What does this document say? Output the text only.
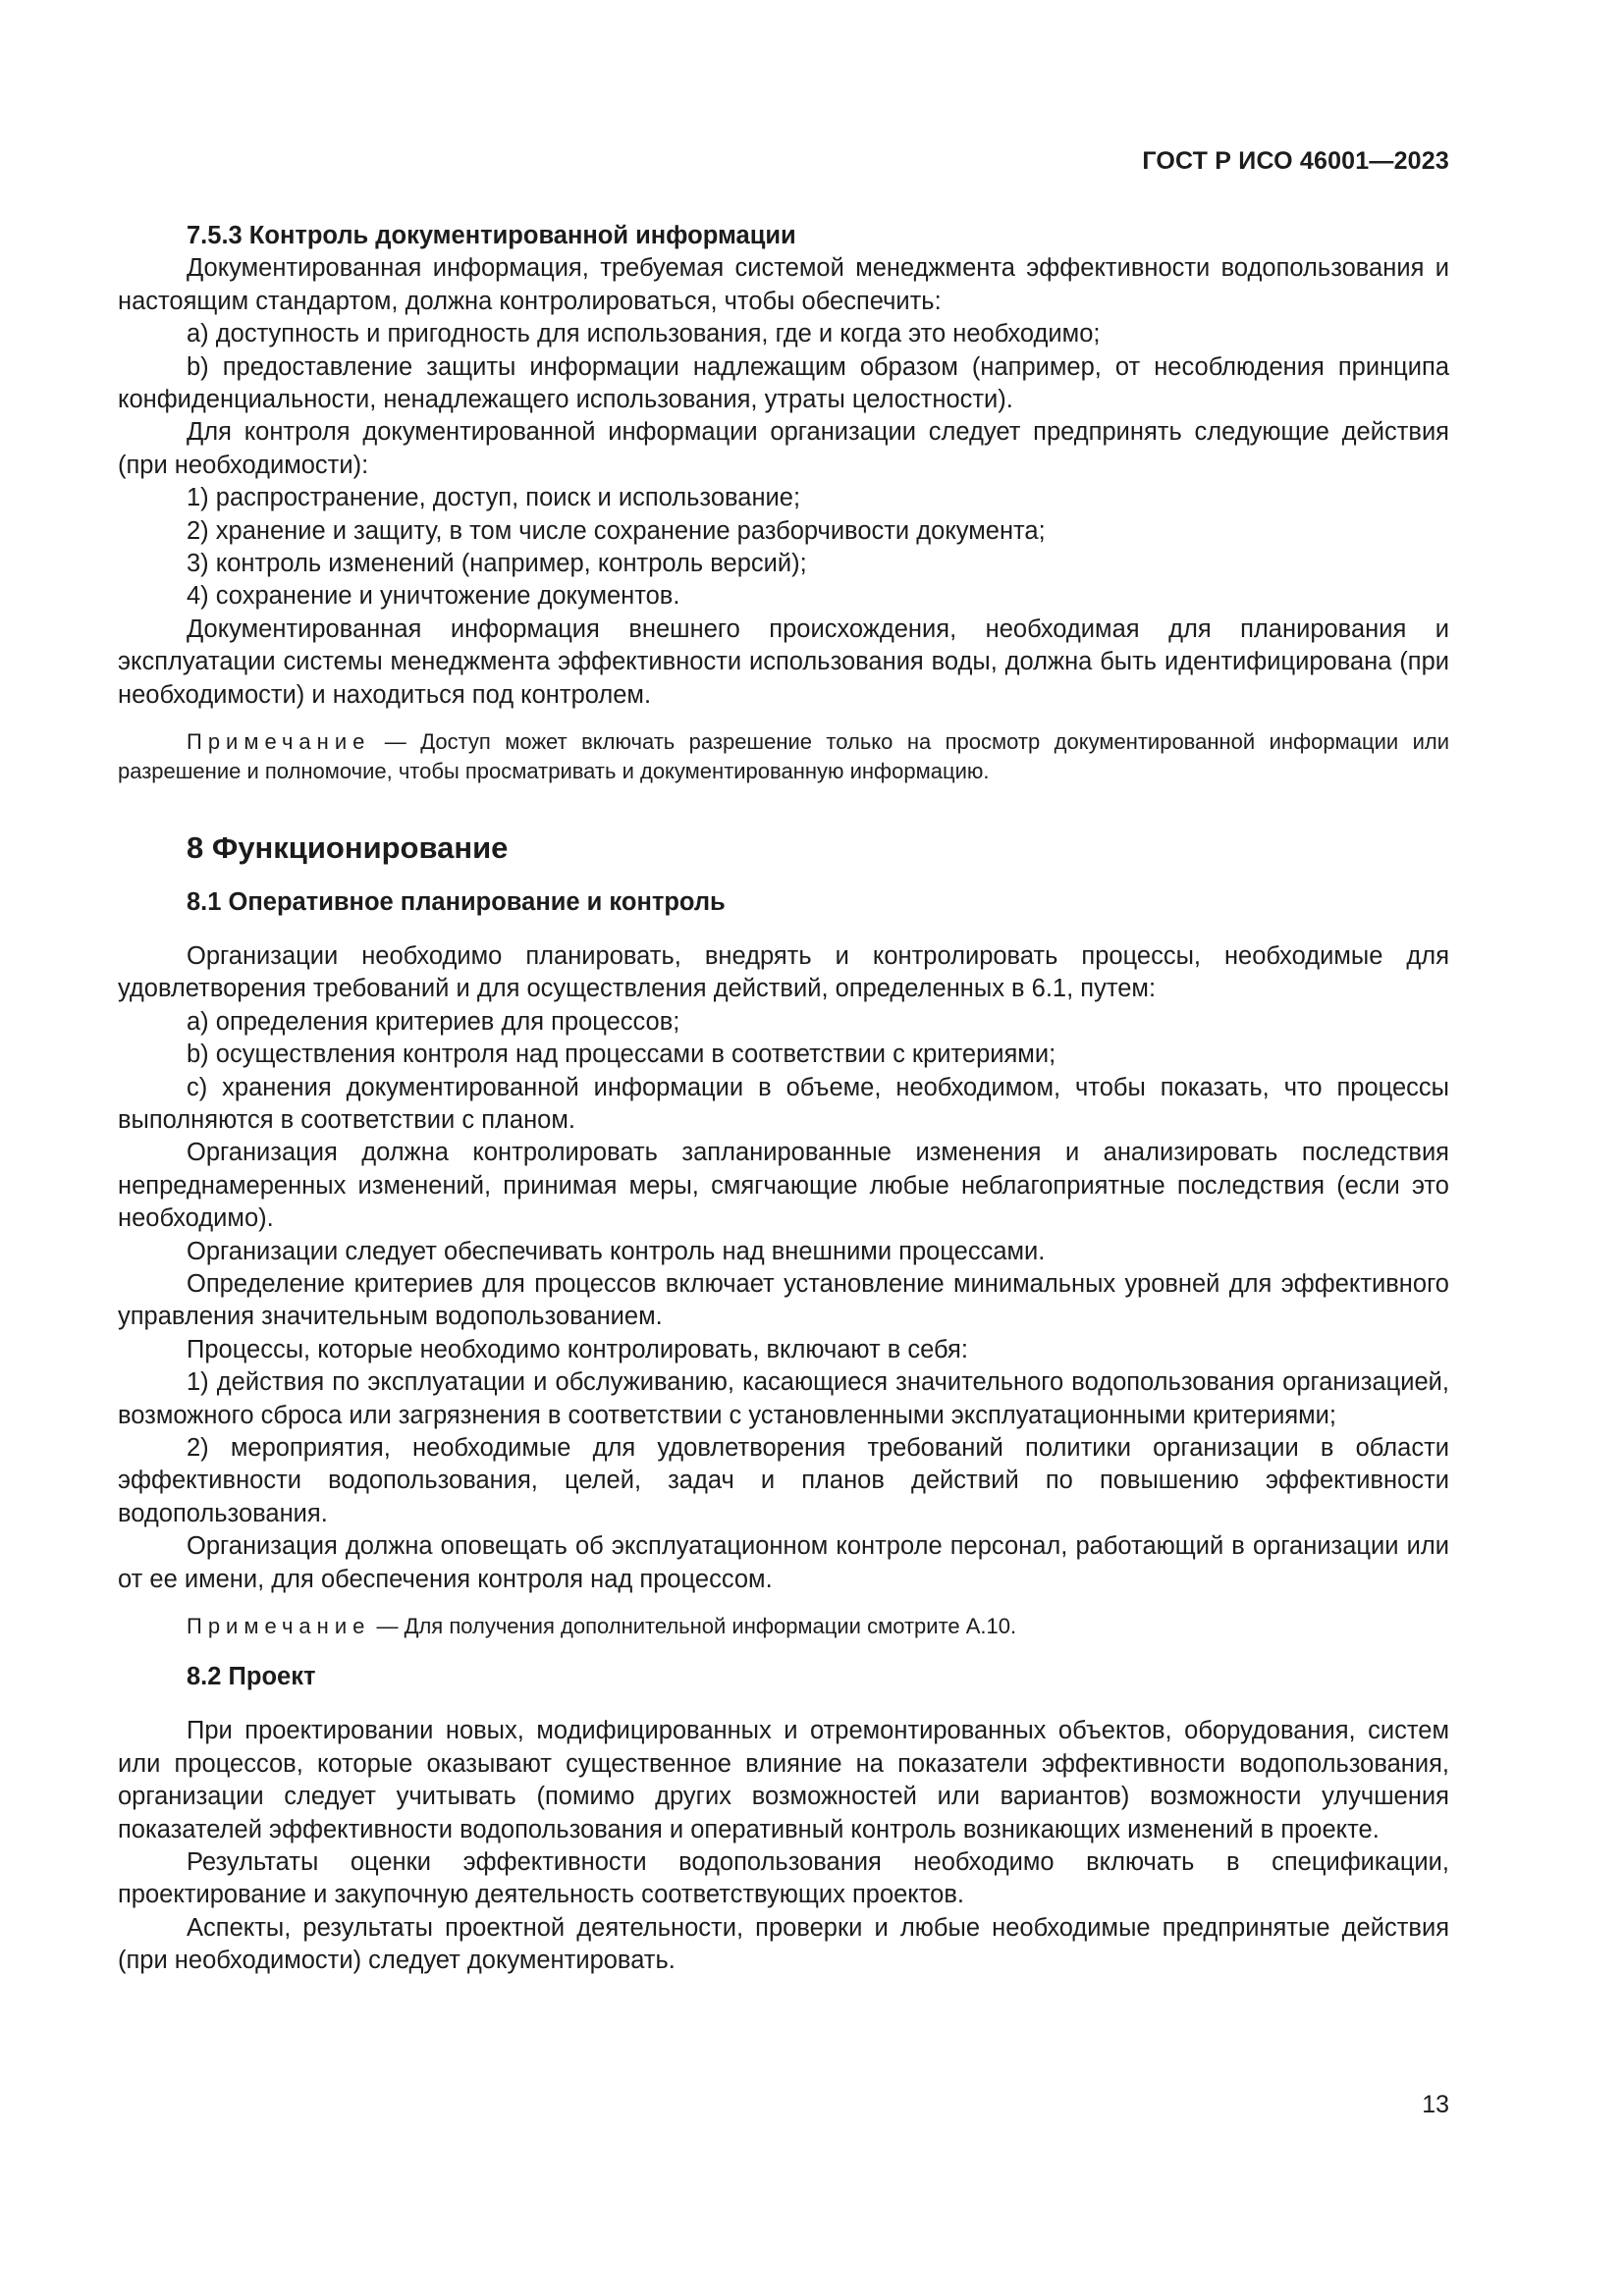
ГОСТ Р ИСО 46001—2023
7.5.3 Контроль документированной информации

Документированная информация, требуемая системой менеджмента эффективности водопользования и настоящим стандартом, должна контролироваться, чтобы обеспечить:

a) доступность и пригодность для использования, где и когда это необходимо;

b) предоставление защиты информации надлежащим образом (например, от несоблюдения принципа конфиденциальности, ненадлежащего использования, утраты целостности).

Для контроля документированной информации организации следует предпринять следующие действия (при необходимости):

1) распространение, доступ, поиск и использование;

2) хранение и защиту, в том числе сохранение разборчивости документа;

3) контроль изменений (например, контроль версий);

4) сохранение и уничтожение документов.

Документированная информация внешнего происхождения, необходимая для планирования и эксплуатации системы менеджмента эффективности использования воды, должна быть идентифицирована (при необходимости) и находиться под контролем.

Примечание — Доступ может включать разрешение только на просмотр документированной информации или разрешение и полномочие, чтобы просматривать и документированную информацию.
8 Функционирование
8.1 Оперативное планирование и контроль

Организации необходимо планировать, внедрять и контролировать процессы, необходимые для удовлетворения требований и для осуществления действий, определенных в 6.1, путем:

a) определения критериев для процессов;

b) осуществления контроля над процессами в соответствии с критериями;

c) хранения документированной информации в объеме, необходимом, чтобы показать, что процессы выполняются в соответствии с планом.

Организация должна контролировать запланированные изменения и анализировать последствия непреднамеренных изменений, принимая меры, смягчающие любые неблагоприятные последствия (если это необходимо).

Организации следует обеспечивать контроль над внешними процессами.

Определение критериев для процессов включает установление минимальных уровней для эффективного управления значительным водопользованием.

Процессы, которые необходимо контролировать, включают в себя:

1) действия по эксплуатации и обслуживанию, касающиеся значительного водопользования организацией, возможного сброса или загрязнения в соответствии с установленными эксплуатационными критериями;

2) мероприятия, необходимые для удовлетворения требований политики организации в области эффективности водопользования, целей, задач и планов действий по повышению эффективности водопользования.

Организация должна оповещать об эксплуатационном контроле персонал, работающий в организации или от ее имени, для обеспечения контроля над процессом.

Примечание — Для получения дополнительной информации смотрите А.10.
8.2 Проект

При проектировании новых, модифицированных и отремонтированных объектов, оборудования, систем или процессов, которые оказывают существенное влияние на показатели эффективности водопользования, организации следует учитывать (помимо других возможностей или вариантов) возможности улучшения показателей эффективности водопользования и оперативный контроль возникающих изменений в проекте.

Результаты оценки эффективности водопользования необходимо включать в спецификации, проектирование и закупочную деятельность соответствующих проектов.

Аспекты, результаты проектной деятельности, проверки и любые необходимые предпринятые действия (при необходимости) следует документировать.

13
